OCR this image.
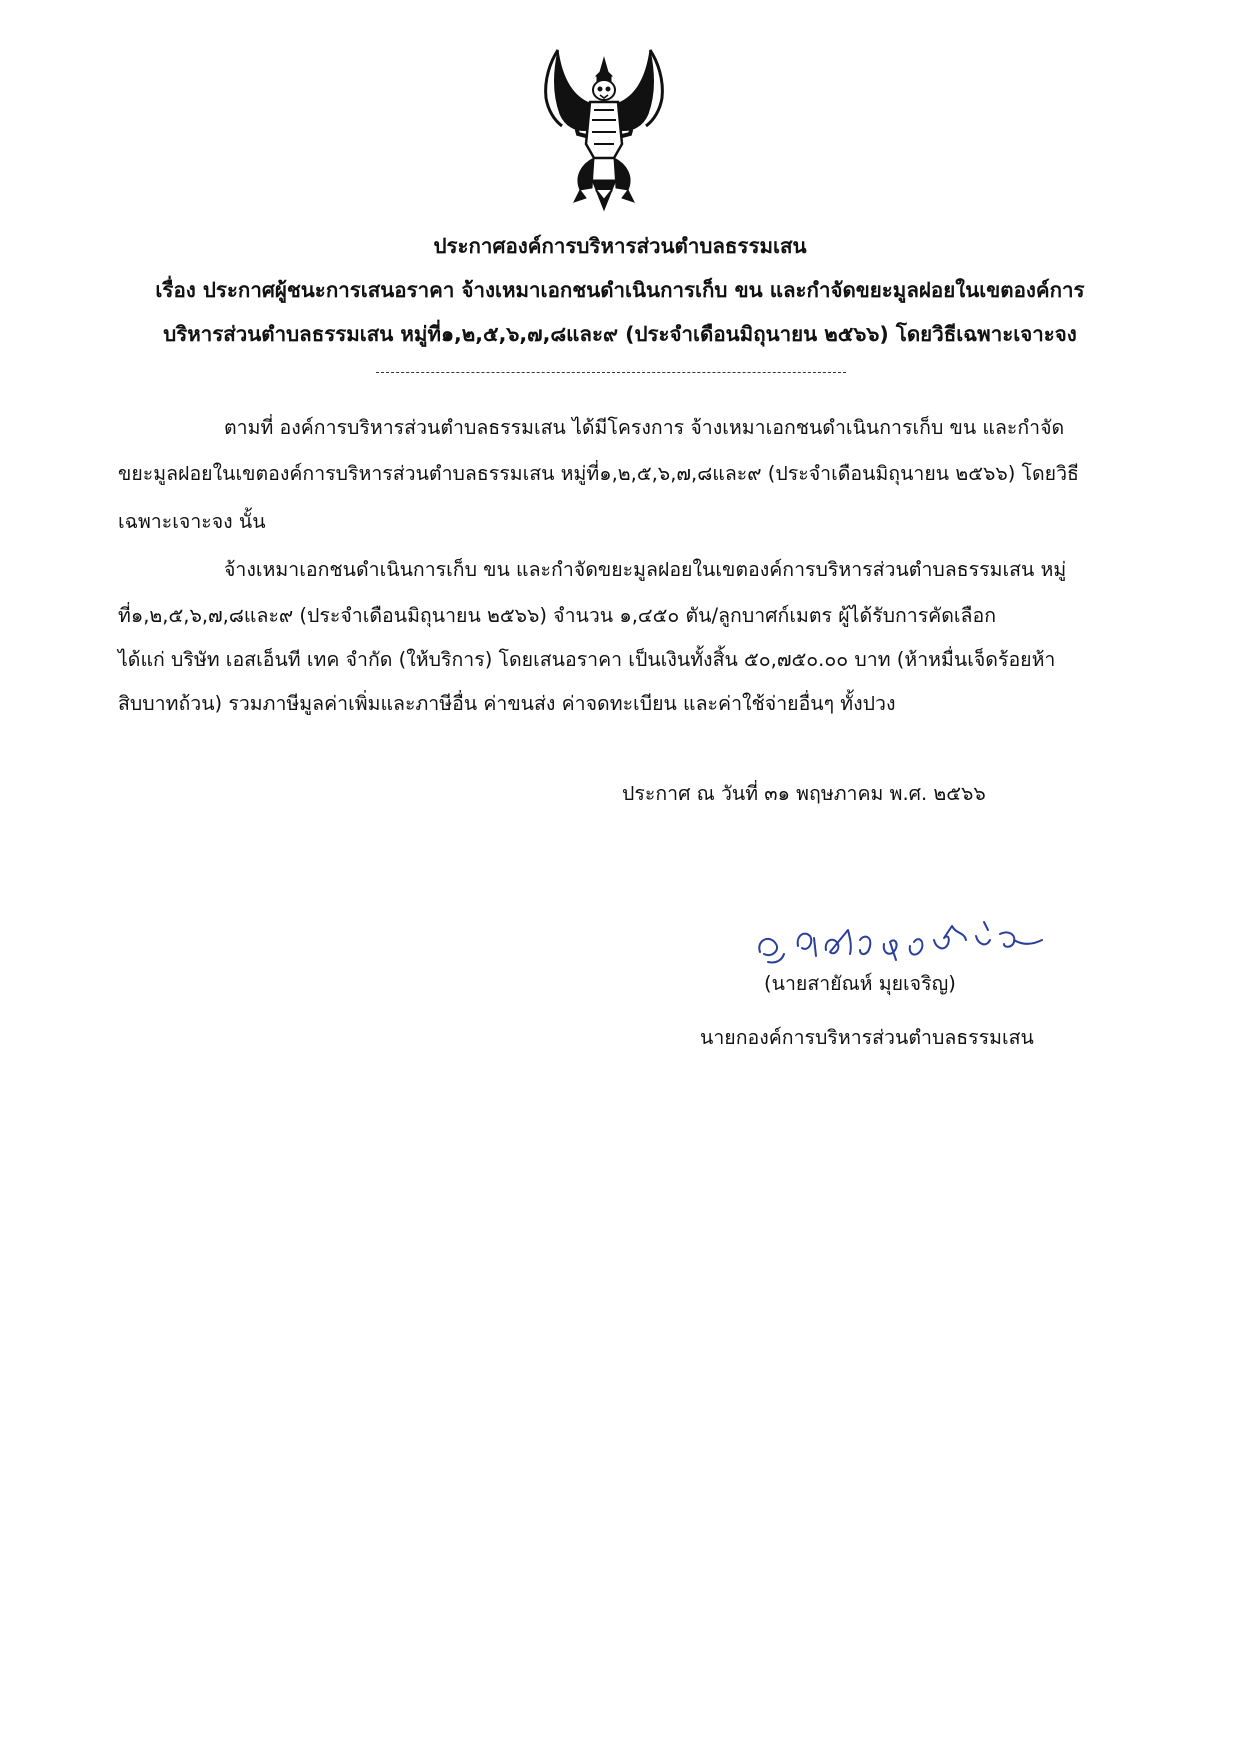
ประกาศองค์การบริหารส่วนตำบลธรรมเสน
เรื่อง ประกาศผู้ชนะการเสนอราคา จ้างเหมาเอกชนดำเนินการเก็บ ขน และกำจัดขยะมูลฝอยในเขตองค์การ
บริหารส่วนตำบลธรรมเสน หมู่ที่๑,๒,๕,๖,๗,๘และ๙ (ประจำเดือนมิถุนายน ๒๕๖๖) โดยวิธีเฉพาะเจาะจง
ตามที่ องค์การบริหารส่วนตำบลธรรมเสน ได้มีโครงการ จ้างเหมาเอกชนดำเนินการเก็บ ขน และกำจัด
ขยะมูลฝอยในเขตองค์การบริหารส่วนตำบลธรรมเสน หมู่ที่๑,๒,๕,๖,๗,๘และ๙ (ประจำเดือนมิถุนายน ๒๕๖๖) โดยวิธี
เฉพาะเจาะจง นั้น
จ้างเหมาเอกชนดำเนินการเก็บ ขน และกำจัดขยะมูลฝอยในเขตองค์การบริหารส่วนตำบลธรรมเสน หมู่
ที่๑,๒,๕,๖,๗,๘และ๙ (ประจำเดือนมิถุนายน ๒๕๖๖) จำนวน ๑,๔๕๐ ตัน/ลูกบาศก์เมตร ผู้ได้รับการคัดเลือก
ได้แก่ บริษัท เอสเอ็นที เทค จำกัด (ให้บริการ) โดยเสนอราคา เป็นเงินทั้งสิ้น ๕๐,๗๕๐.๐๐ บาท (ห้าหมื่นเจ็ดร้อยห้า
สิบบาทถ้วน) รวมภาษีมูลค่าเพิ่มและภาษีอื่น ค่าขนส่ง ค่าจดทะเบียน และค่าใช้จ่ายอื่นๆ ทั้งปวง
ประกาศ ณ วันที่ ๓๑ พฤษภาคม พ.ศ. ๒๕๖๖
(นายสายัณห์ มุยเจริญ)
นายกองค์การบริหารส่วนตำบลธรรมเสน
